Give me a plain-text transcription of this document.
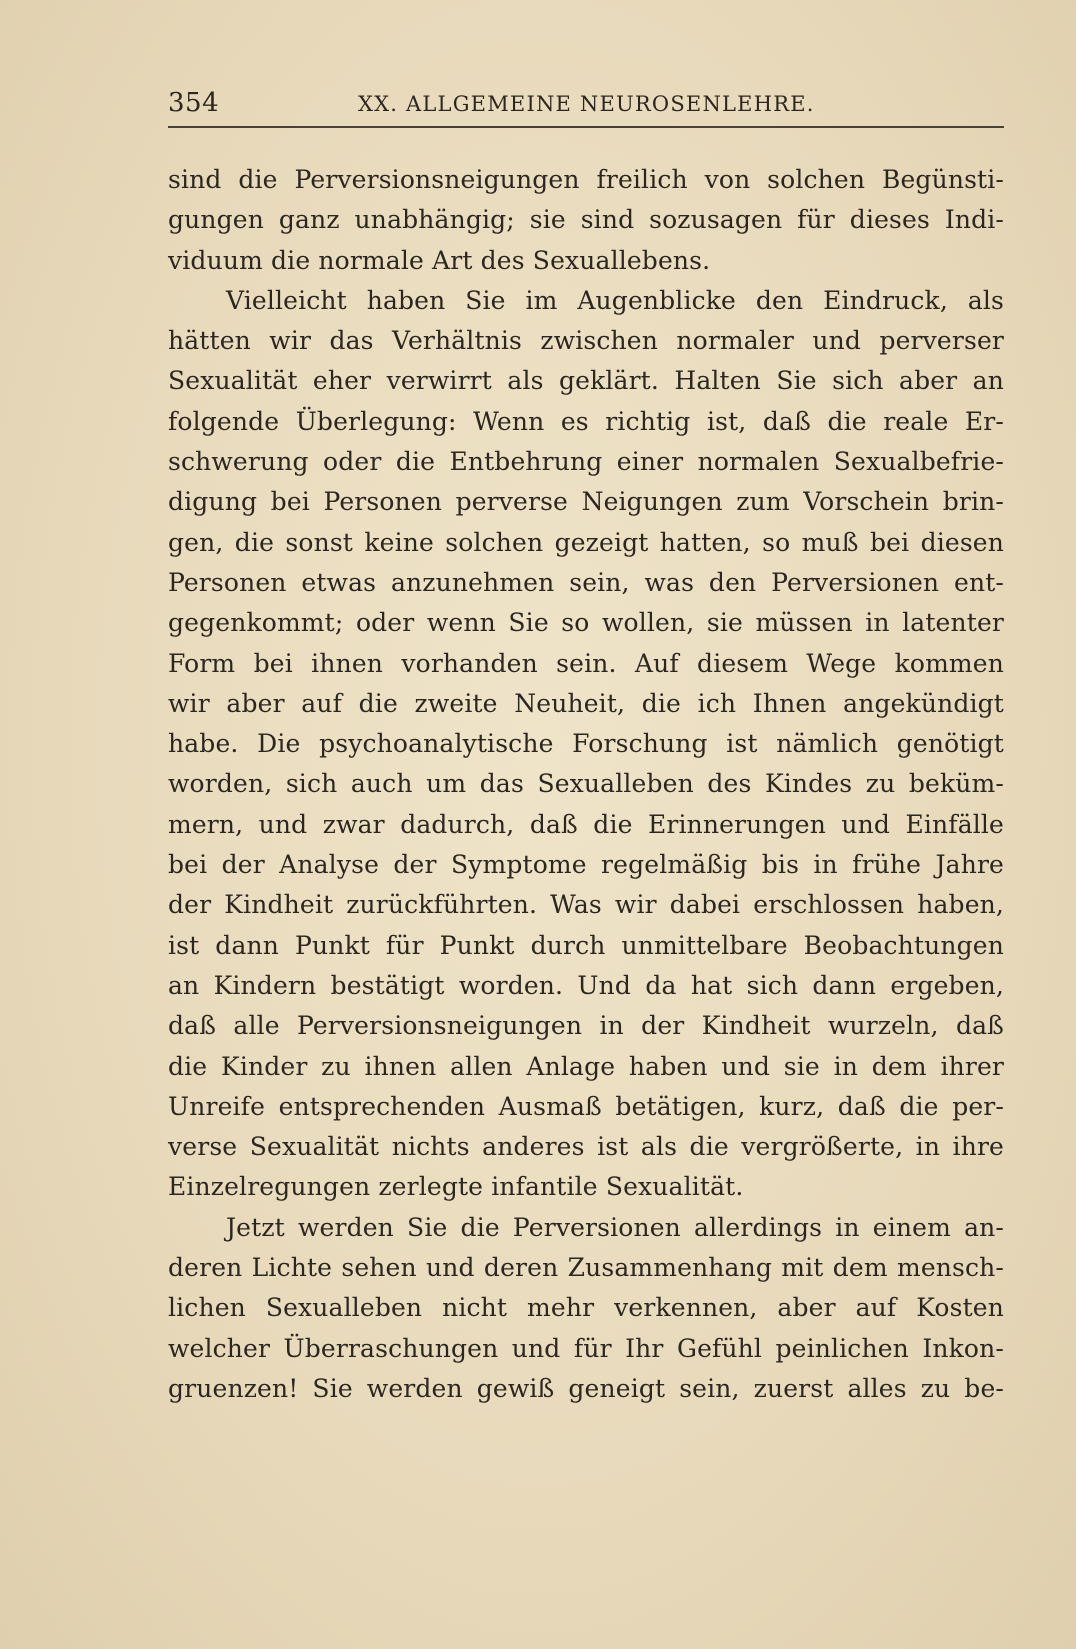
354	XX. ALLGEMEINE NEUROSENLEHRE.
sind die Perversionsneigungen freilich von solchen Begünsti-
gungen ganz unabhängig; sie sind sozusagen für dieses Indi-
viduum die normale Art des Sexuallebens.
Vielleicht haben Sie im Augenblicke den Eindruck, als
hätten wir das Verhältnis zwischen normaler und perverser
Sexualität eher verwirrt als geklärt. Halten Sie sich aber an
folgende Überlegung: Wenn es richtig ist, daß die reale Er-
schwerung oder die Entbehrung einer normalen Sexualbefrie-
digung bei Personen perverse Neigungen zum Vorschein brin-
gen, die sonst keine solchen gezeigt hatten, so muß bei diesen
Personen etwas anzunehmen sein, was den Perversionen ent-
gegenkommt; oder wenn Sie so wollen, sie müssen in latenter
Form bei ihnen vorhanden sein. Auf diesem Wege kommen
wir aber auf die zweite Neuheit, die ich Ihnen angekündigt
habe. Die psychoanalytische Forschung ist nämlich genötigt
worden, sich auch um das Sexualleben des Kindes zu beküm-
mern, und zwar dadurch, daß die Erinnerungen und Einfälle
bei der Analyse der Symptome regelmäßig bis in frühe Jahre
der Kindheit zurückführten. Was wir dabei erschlossen haben,
ist dann Punkt für Punkt durch unmittelbare Beobachtungen
an Kindern bestätigt worden. Und da hat sich dann ergeben,
daß alle Perversionsneigungen in der Kindheit wurzeln, daß
die Kinder zu ihnen allen Anlage haben und sie in dem ihrer
Unreife entsprechenden Ausmaß betätigen, kurz, daß die per-
verse Sexualität nichts anderes ist als die vergrößerte, in ihre
Einzelregungen zerlegte infantile Sexualität.
Jetzt werden Sie die Perversionen allerdings in einem an-
deren Lichte sehen und deren Zusammenhang mit dem mensch-
lichen Sexualleben nicht mehr verkennen, aber auf Kosten
welcher Überraschungen und für Ihr Gefühl peinlichen Inkon-
gruenzen! Sie werden gewiß geneigt sein, zuerst alles zu be-
